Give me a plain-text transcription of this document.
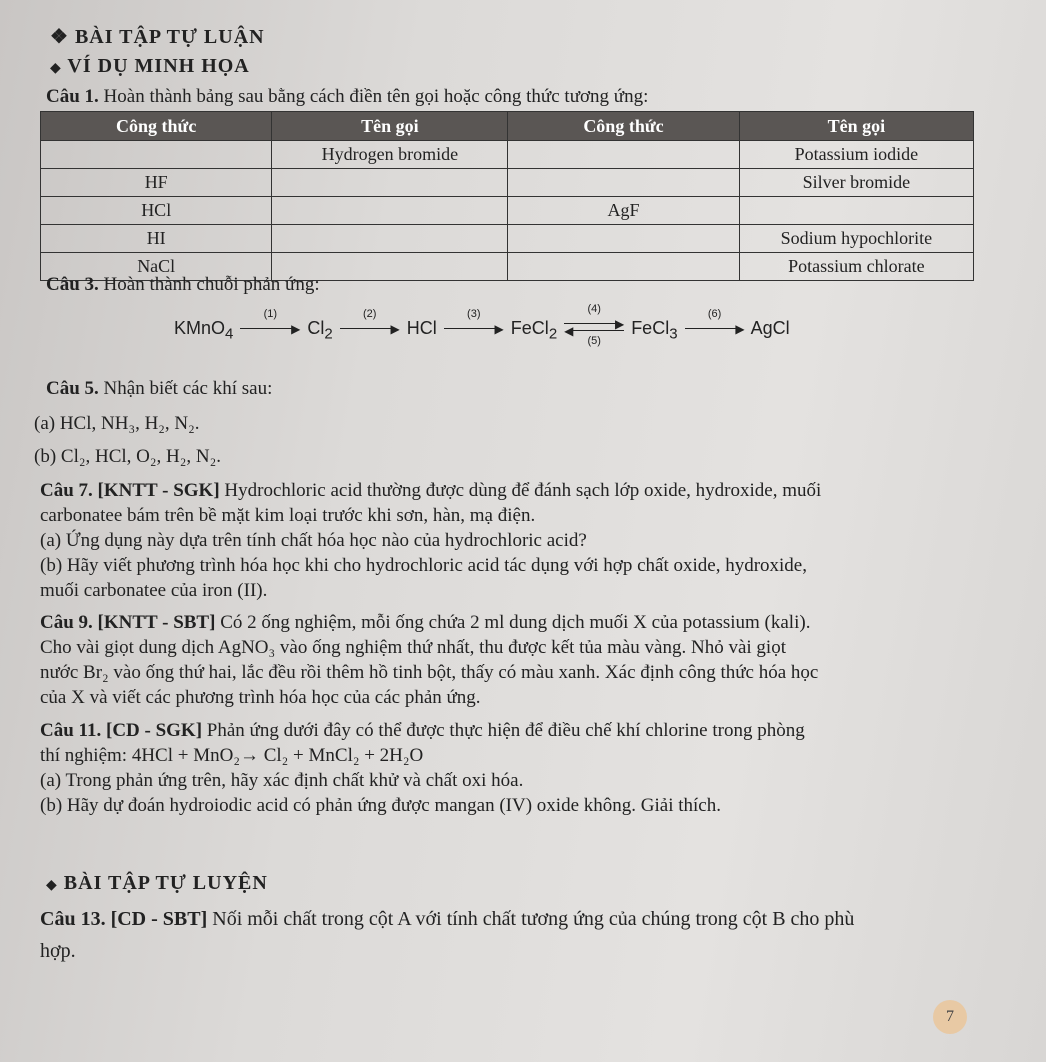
❖ BÀI TẬP TỰ LUẬN
◆ VÍ DỤ MINH HỌA
Câu 1. Hoàn thành bảng sau bằng cách điền tên gọi hoặc công thức tương ứng:
Công thức	Tên gọi	Công thức	Tên gọi
	Hydrogen bromide		Potassium iodide
HF			Silver bromide
HCl		AgF	
HI			Sodium hypochlorite
NaCl			Potassium chlorate
Câu 3. Hoàn thành chuỗi phản ứng:
KMnO$_4$
(1)
▶ $Cl_2$
(2)
▶ HCl
(3)
▶ FeCl$_2$
(4)
▶
◀
(5)
FeCl$_3$
(6)
▶ AgCl
Câu 5. Nhận biết các khí sau:
(a) HCl, NH₃, H₂, N₂.
(b) Cl₂, HCl, O₂, H₂, N₂.
Câu 7. [KNTT - SGK] Hydrochloric acid thường được dùng để đánh sạch lớp oxide, hydroxide, muối
carbonatee bám trên bề mặt kim loại trước khi sơn, hàn, mạ điện.
(a) Ứng dụng này dựa trên tính chất hóa học nào của hydrochloric acid?
(b) Hãy viết phương trình hóa học khi cho hydrochloric acid tác dụng với hợp chất oxide, hydroxide,
muối carbonatee của iron (II).
Câu 9. [KNTT - SBT] Có 2 ống nghiệm, mỗi ống chứa 2 ml dung dịch muối X của potassium (kali).
Cho vài giọt dung dịch AgNO₃ vào ống nghiệm thứ nhất, thu được kết tủa màu vàng. Nhỏ vài giọt
nước Br₂ vào ống thứ hai, lắc đều rồi thêm hồ tinh bột, thấy có màu xanh. Xác định công thức hóa học
của X và viết các phương trình hóa học của các phản ứng.
Câu 11. [CD - SGK] Phản ứng dưới đây có thể được thực hiện để điều chế khí chlorine trong phòng
thí nghiệm: 4HCl + MnO₂→ Cl₂ + MnCl₂ + 2H₂O
(a) Trong phản ứng trên, hãy xác định chất khử và chất oxi hóa.
(b) Hãy dự đoán hydroiodic acid có phản ứng được mangan (IV) oxide không. Giải thích.
◆ BÀI TẬP TỰ LUYỆN
Câu 13. [CD - SBT] Nối mỗi chất trong cột A với tính chất tương ứng của chúng trong cột B cho phù
hợp.
7
